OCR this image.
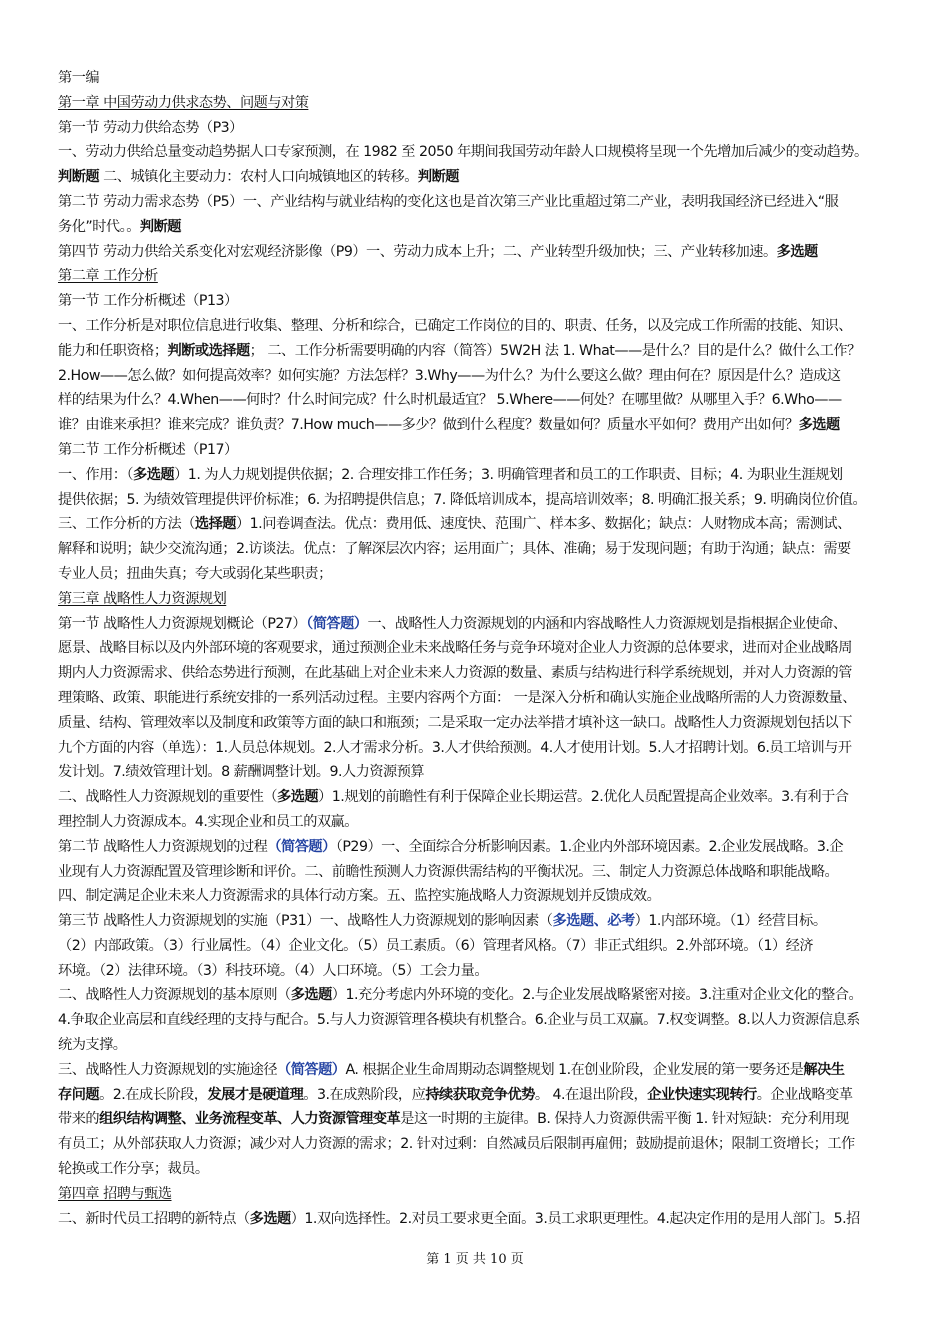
第一编
第一章 中国劳动力供求态势、问题与对策
第一节 劳动力供给态势（P3）
一、劳动力供给总量变动趋势据人口专家预测，在 1982 至 2050 年期间我国劳动年龄人口规模将呈现一个先增加后减少的变动趋势。
判断题 二、城镇化主要动力：农村人口向城镇地区的转移。判断题
第二节 劳动力需求态势（P5）一、产业结构与就业结构的变化这也是首次第三产业比重超过第二产业，表明我国经济已经进入“服
务化”时代。。判断题
第四节 劳动力供给关系变化对宏观经济影像（P9）一、劳动力成本上升；二、产业转型升级加快；三、产业转移加速。多选题
第二章 工作分析
第一节 工作分析概述（P13）
一、工作分析是对职位信息进行收集、整理、分析和综合，已确定工作岗位的目的、职责、任务，以及完成工作所需的技能、知识、
能力和任职资格；判断或选择题； 二、工作分析需要明确的内容（简答）5W2H 法 1. What——是什么？目的是什么？做什么工作？
2.How——怎么做？如何提高效率？如何实施？方法怎样？3.Why——为什么？为什么要这么做？理由何在？原因是什么？造成这
样的结果为什么？4.When——何时？什么时间完成？什么时机最适宜？ 5.Where——何处？在哪里做？从哪里入手？6.Who——
谁？由谁来承担？谁来完成？谁负责？7.How much——多少？做到什么程度？数量如何？质量水平如何？费用产出如何？多选题
第二节 工作分析概述（P17）
一、作用：（多选题）1. 为人力规划提供依据；2. 合理安排工作任务；3. 明确管理者和员工的工作职责、目标；4. 为职业生涯规划
提供依据；5. 为绩效管理提供评价标准；6. 为招聘提供信息；7. 降低培训成本，提高培训效率；8. 明确汇报关系；9. 明确岗位价值。
三、工作分析的方法（选择题）1.问卷调查法。优点：费用低、速度快、范围广、样本多、数据化；缺点：人财物成本高；需测试、
解释和说明；缺少交流沟通；2.访谈法。优点：了解深层次内容；运用面广；具体、准确；易于发现问题；有助于沟通；缺点：需要
专业人员；扭曲失真；夸大或弱化某些职责；
第三章 战略性人力资源规划
第一节 战略性人力资源规划概论（P27）（简答题）一、战略性人力资源规划的内涵和内容战略性人力资源规划是指根据企业使命、
愿景、战略目标以及内外部环境的客观要求，通过预测企业未来战略任务与竞争环境对企业人力资源的总体要求，进而对企业战略周
期内人力资源需求、供给态势进行预测，在此基础上对企业未来人力资源的数量、素质与结构进行科学系统规划，并对人力资源的管
理策略、政策、职能进行系统安排的一系列活动过程。主要内容两个方面： 一是深入分析和确认实施企业战略所需的人力资源数量、
质量、结构、管理效率以及制度和政策等方面的缺口和瓶颈；二是采取一定办法举措才填补这一缺口。战略性人力资源规划包括以下
九个方面的内容（单选）：1.人员总体规划。2.人才需求分析。3.人才供给预测。4.人才使用计划。5.人才招聘计划。6.员工培训与开
发计划。7.绩效管理计划。8 薪酬调整计划。9.人力资源预算
二、战略性人力资源规划的重要性（多选题）1.规划的前瞻性有利于保障企业长期运营。2.优化人员配置提高企业效率。3.有利于合
理控制人力资源成本。4.实现企业和员工的双赢。
第二节 战略性人力资源规划的过程（简答题）（P29）一、全面综合分析影响因素。1.企业内外部环境因素。2.企业发展战略。3.企
业现有人力资源配置及管理诊断和评价。二、前瞻性预测人力资源供需结构的平衡状况。三、制定人力资源总体战略和职能战略。
四、制定满足企业未来人力资源需求的具体行动方案。五、监控实施战略人力资源规划并反馈成效。
第三节 战略性人力资源规划的实施（P31）一、战略性人力资源规划的影响因素（多选题、必考）1.内部环境。（1）经营目标。
（2）内部政策。（3）行业属性。（4）企业文化。（5）员工素质。（6）管理者风格。（7）非正式组织。2.外部环境。（1）经济
环境。（2）法律环境。（3）科技环境。（4）人口环境。（5）工会力量。
二、战略性人力资源规划的基本原则（多选题）1.充分考虑内外环境的变化。2.与企业发展战略紧密对接。3.注重对企业文化的整合。
4.争取企业高层和直线经理的支持与配合。5.与人力资源管理各模块有机整合。6.企业与员工双赢。7.权变调整。8.以人力资源信息系
统为支撑。
三、战略性人力资源规划的实施途径（简答题）A. 根据企业生命周期动态调整规划 1.在创业阶段，企业发展的第一要务还是解决生
存问题。2.在成长阶段，发展才是硬道理。3.在成熟阶段，应持续获取竞争优势。 4.在退出阶段，企业快速实现转行。企业战略变革
带来的组织结构调整、业务流程变革、人力资源管理变革是这一时期的主旋律。B. 保持人力资源供需平衡 1. 针对短缺：充分利用现
有员工；从外部获取人力资源；减少对人力资源的需求；2. 针对过剩：自然减员后限制再雇佣；鼓励提前退休；限制工资增长；工作
轮换或工作分享；裁员。
第四章 招聘与甄选
二、新时代员工招聘的新特点（多选题）1.双向选择性。2.对员工要求更全面。3.员工求职更理性。4.起决定作用的是用人部门。5.招
第 1 页 共 10 页
